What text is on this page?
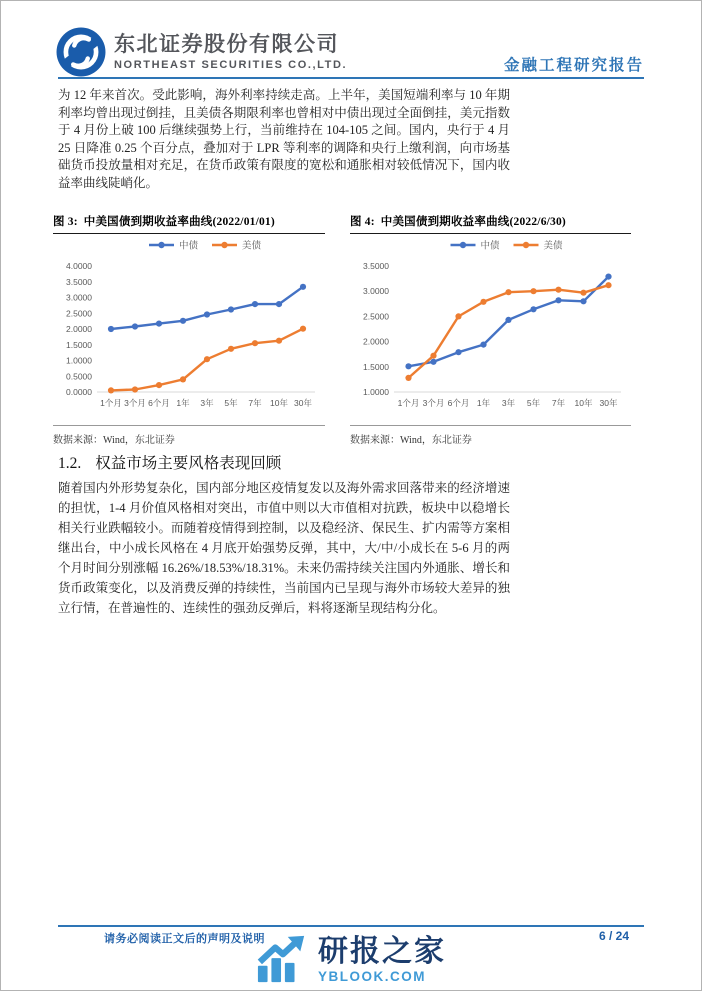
东北证券股份有限公司
NORTHEAST SECURITIES CO.,LTD.	金融工程研究报告
为 12 年来首次。受此影响，海外利率持续走高。上半年，美国短端利率与 10 年期利率均曾出现过倒挂，且美债各期限利率也曾相对中债出现过全面倒挂，美元指数于 4 月份上破 100 后继续强势上行，当前维持在 104-105 之间。国内，央行于 4 月 25 日降准 0.25 个百分点，叠加对于 LPR 等利率的调降和央行上缴利润，向市场基础货币投放量相对充足，在货币政策有限度的宽松和通胀相对较低情况下，国内收益率曲线陡峭化。
图 3: 中美国债到期收益率曲线(2022/01/01)
中债	美债
0.0000
0.5000
1.0000
1.5000
2.0000
2.5000
3.0000
3.5000
4.0000
1个月 3个月 6个月 1年 3年 5年 7年 10年 30年
数据来源：Wind，东北证券
图 4: 中美国债到期收益率曲线(2022/6/30)
中债	美债
1.0000
1.5000
2.0000
2.5000
3.0000
3.5000
1个月 3个月 6个月 1年 3年 5年 7年 10年 30年
数据来源：Wind，东北证券
1.2. 权益市场主要风格表现回顾
随着国内外形势复杂化，国内部分地区疫情复发以及海外需求回落带来的经济增速的担忧，1-4 月价值风格相对突出，市值中则以大市值相对抗跌，板块中以稳增长相关行业跌幅较小。而随着疫情得到控制，以及稳经济、保民生、扩内需等方案相继出台，中小成长风格在 4 月底开始强势反弹，其中，大/中/小成长在 5-6 月的两个月时间分别涨幅 16.26%/18.53%/18.31%。未来仍需持续关注国内外通胀、增长和货币政策变化，以及消费反弹的持续性，当前国内已呈现与海外市场较大差异的独立行情，在普遍性的、连续性的强劲反弹后，料将逐渐呈现结构分化。
请务必阅读正文后的声明及说明	6 / 24
研报之家
YBLOOK.COM
